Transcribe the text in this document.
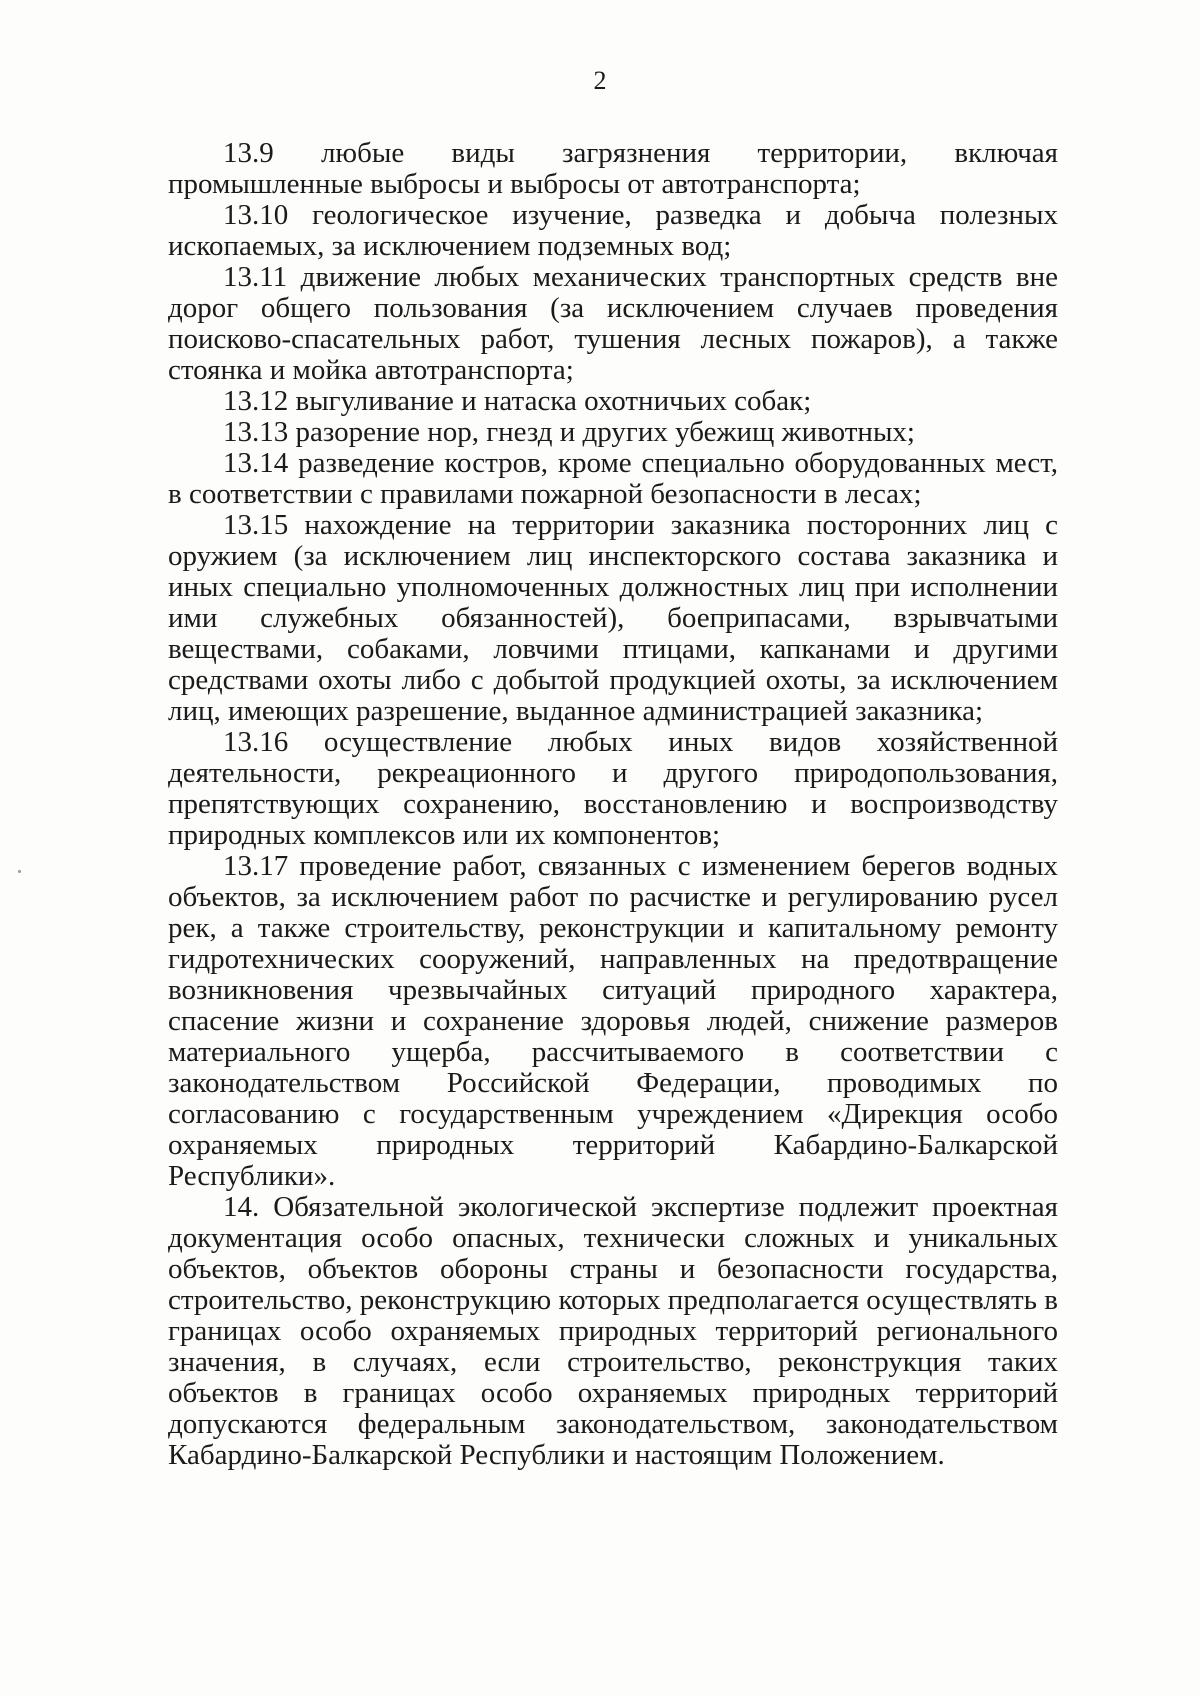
2

13.9 любые виды загрязнения территории, включая промышленные выбросы и выбросы от автотранспорта;

13.10 геологическое изучение, разведка и добыча полезных ископаемых, за исключением подземных вод;

13.11 движение любых механических транспортных средств вне дорог общего пользования (за исключением случаев проведения поисково-спасательных работ, тушения лесных пожаров), а также стоянка и мойка автотранспорта;

13.12 выгуливание и натаска охотничьих собак;

13.13 разорение нор, гнезд и других убежищ животных;

13.14 разведение костров, кроме специально оборудованных мест, в соответствии с правилами пожарной безопасности в лесах;

13.15 нахождение на территории заказника посторонних лиц с оружием (за исключением лиц инспекторского состава заказника и иных специально уполномоченных должностных лиц при исполнении ими служебных обязанностей), боеприпасами, взрывчатыми веществами, собаками, ловчими птицами, капканами и другими средствами охоты либо с добытой продукцией охоты, за исключением лиц, имеющих разрешение, выданное администрацией заказника;

13.16 осуществление любых иных видов хозяйственной деятельности, рекреационного и другого природопользования, препятствующих сохранению, восстановлению и воспроизводству природных комплексов или их компонентов;

13.17 проведение работ, связанных с изменением берегов водных объектов, за исключением работ по расчистке и регулированию русел рек, а также строительству, реконструкции и капитальному ремонту гидротехнических сооружений, направленных на предотвращение возникновения чрезвычайных ситуаций природного характера, спасение жизни и сохранение здоровья людей, снижение размеров материального ущерба, рассчитываемого в соответствии с законодательством Российской Федерации, проводимых по согласованию с государственным учреждением «Дирекция особо охраняемых природных территорий Кабардино-Балкарской Республики».

14. Обязательной экологической экспертизе подлежит проектная документация особо опасных, технически сложных и уникальных объектов, объектов обороны страны и безопасности государства, строительство, реконструкцию которых предполагается осуществлять в границах особо охраняемых природных территорий регионального значения, в случаях, если строительство, реконструкция таких объектов в границах особо охраняемых природных территорий допускаются федеральным законодательством, законодательством Кабардино-Балкарской Республики и настоящим Положением.
